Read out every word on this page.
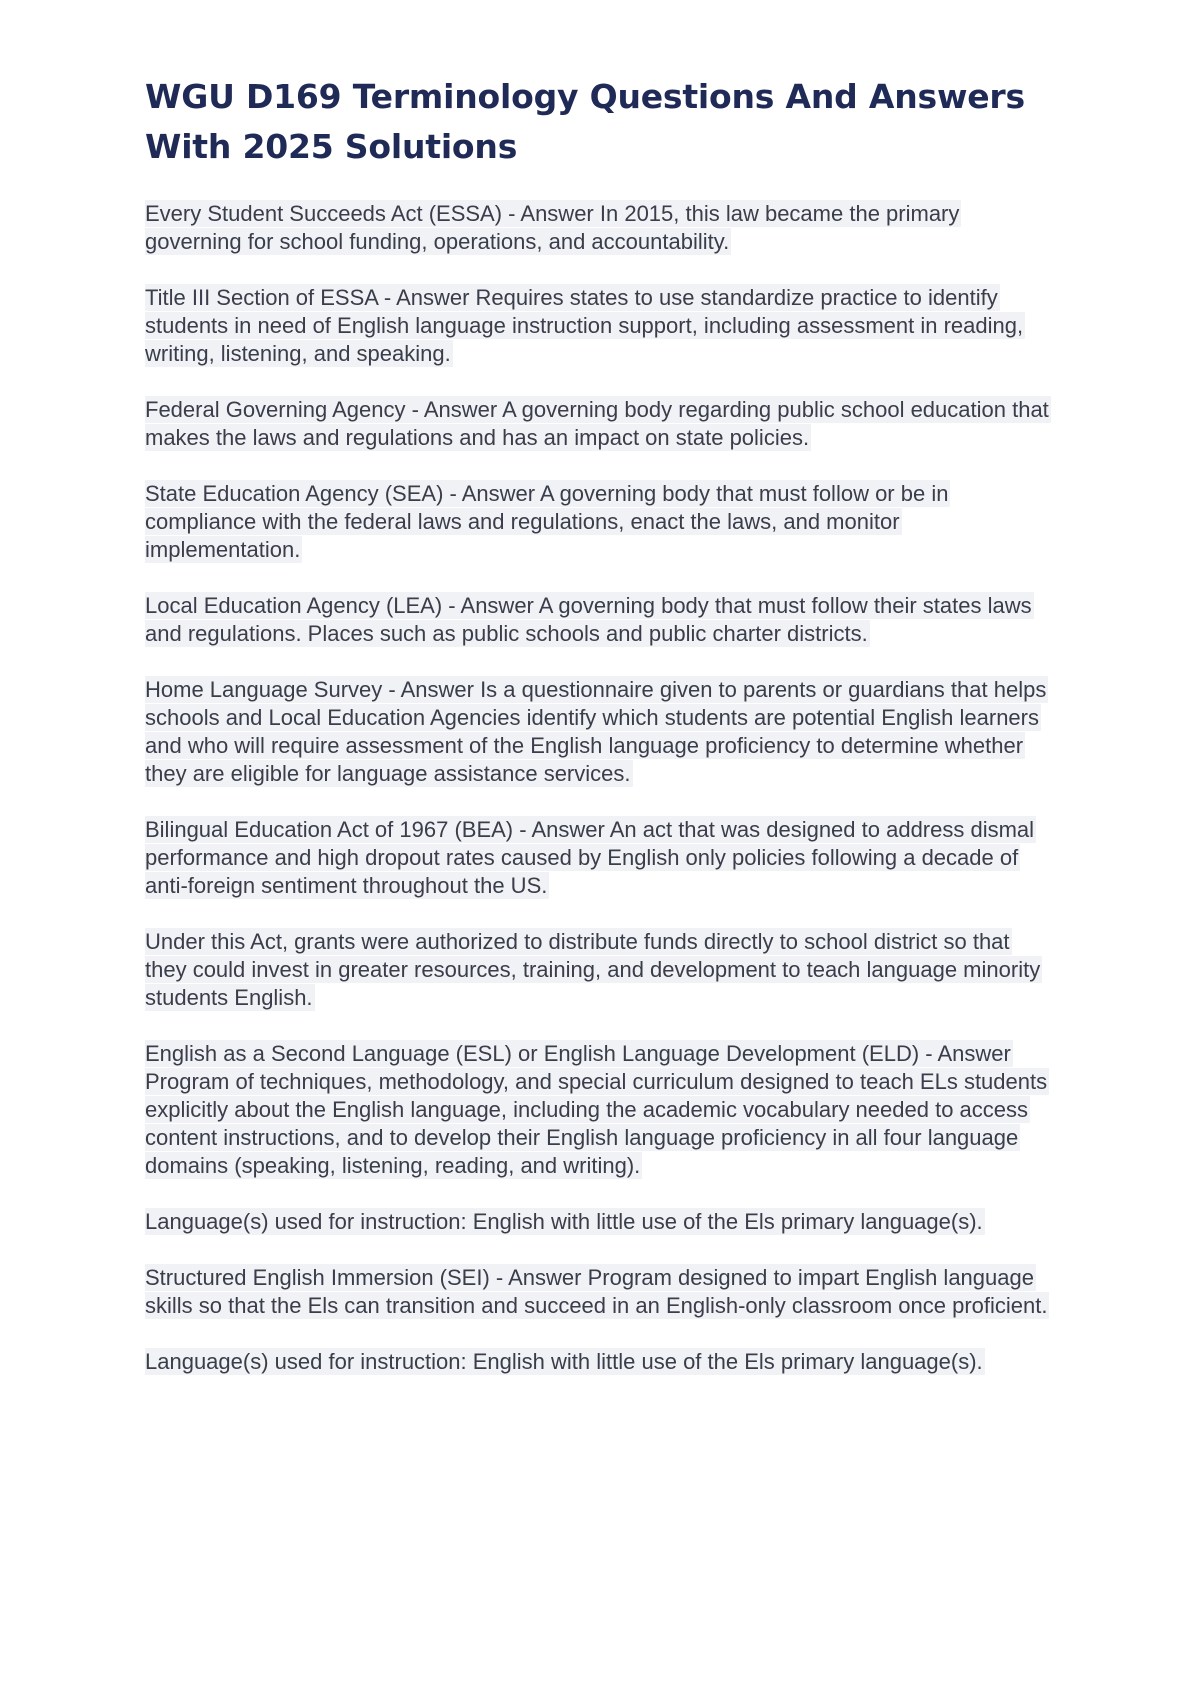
WGU D169 Terminology Questions And Answers With 2025 Solutions

Every Student Succeeds Act (ESSA) - Answer In 2015, this law became the primary governing for school funding, operations, and accountability.

Title III Section of ESSA - Answer Requires states to use standardize practice to identify students in need of English language instruction support, including assessment in reading, writing, listening, and speaking.

Federal Governing Agency - Answer A governing body regarding public school education that makes the laws and regulations and has an impact on state policies.

State Education Agency (SEA) - Answer A governing body that must follow or be in compliance with the federal laws and regulations, enact the laws, and monitor implementation.

Local Education Agency (LEA) - Answer A governing body that must follow their states laws and regulations. Places such as public schools and public charter districts.

Home Language Survey - Answer Is a questionnaire given to parents or guardians that helps schools and Local Education Agencies identify which students are potential English learners and who will require assessment of the English language proficiency to determine whether they are eligible for language assistance services.

Bilingual Education Act of 1967 (BEA) - Answer An act that was designed to address dismal performance and high dropout rates caused by English only policies following a decade of anti-foreign sentiment throughout the US.

Under this Act, grants were authorized to distribute funds directly to school district so that they could invest in greater resources, training, and development to teach language minority students English.

English as a Second Language (ESL) or English Language Development (ELD) - Answer Program of techniques, methodology, and special curriculum designed to teach ELs students explicitly about the English language, including the academic vocabulary needed to access content instructions, and to develop their English language proficiency in all four language domains (speaking, listening, reading, and writing).

Language(s) used for instruction: English with little use of the Els primary language(s).

Structured English Immersion (SEI) - Answer Program designed to impart English language skills so that the Els can transition and succeed in an English-only classroom once proficient.

Language(s) used for instruction: English with little use of the Els primary language(s).
